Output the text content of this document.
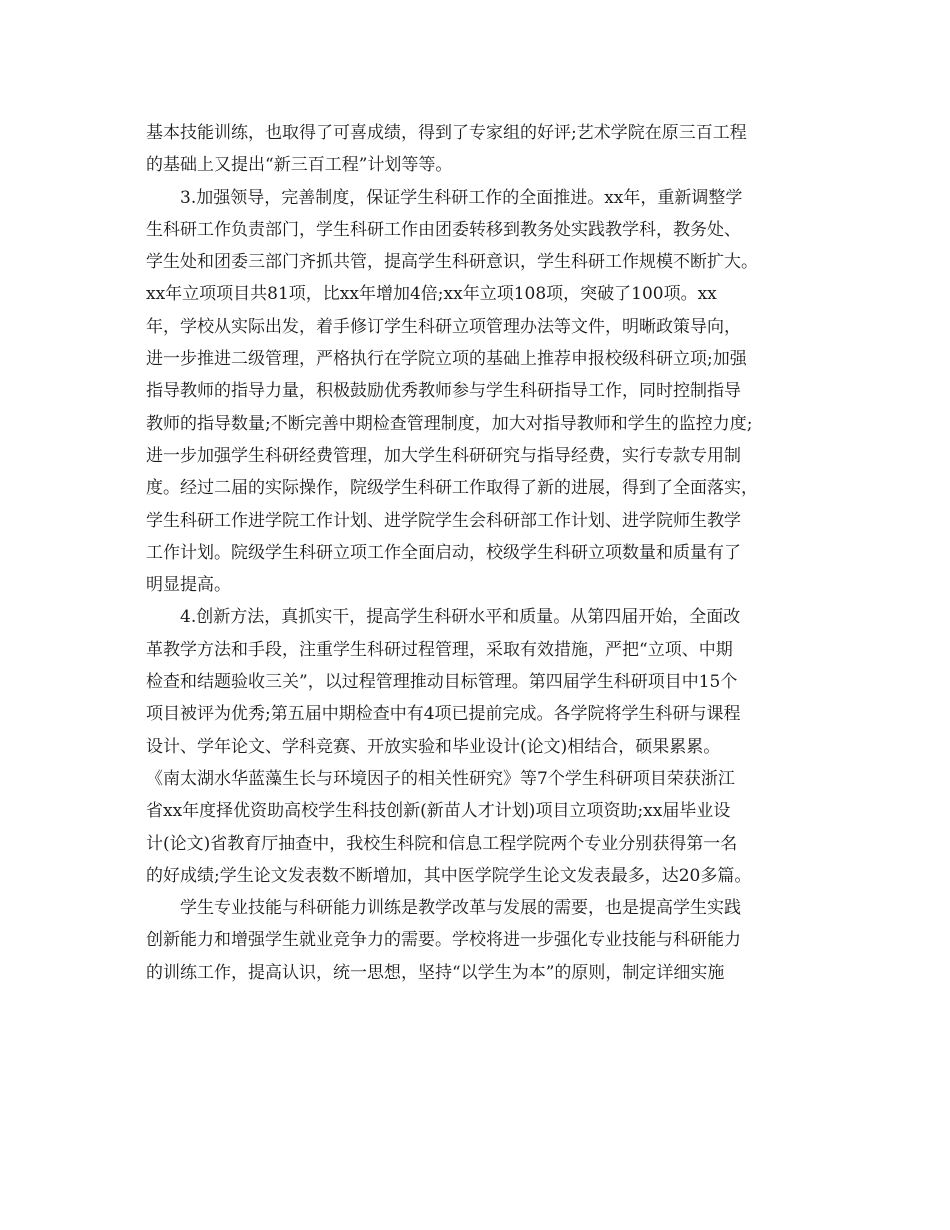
基本技能训练，也取得了可喜成绩，得到了专家组的好评;艺术学院在原三百工程
的基础上又提出“新三百工程”计划等等。
3.加强领导，完善制度，保证学生科研工作的全面推进。xx年，重新调整学
生科研工作负责部门，学生科研工作由团委转移到教务处实践教学科，教务处、
学生处和团委三部门齐抓共管，提高学生科研意识，学生科研工作规模不断扩大。
xx年立项项目共81项，比xx年增加4倍;xx年立项108项，突破了100项。xx
年，学校从实际出发，着手修订学生科研立项管理办法等文件，明晰政策导向，
进一步推进二级管理，严格执行在学院立项的基础上推荐申报校级科研立项;加强
指导教师的指导力量，积极鼓励优秀教师参与学生科研指导工作，同时控制指导
教师的指导数量;不断完善中期检查管理制度，加大对指导教师和学生的监控力度;
进一步加强学生科研经费管理，加大学生科研研究与指导经费，实行专款专用制
度。经过二届的实际操作，院级学生科研工作取得了新的进展，得到了全面落实，
学生科研工作进学院工作计划、进学院学生会科研部工作计划、进学院师生教学
工作计划。院级学生科研立项工作全面启动，校级学生科研立项数量和质量有了
明显提高。
4.创新方法，真抓实干，提高学生科研水平和质量。从第四届开始，全面改
革教学方法和手段，注重学生科研过程管理，采取有效措施，严把“立项、中期
检查和结题验收三关”，以过程管理推动目标管理。第四届学生科研项目中15个
项目被评为优秀;第五届中期检查中有4项已提前完成。各学院将学生科研与课程
设计、学年论文、学科竞赛、开放实验和毕业设计(论文)相结合，硕果累累。
《南太湖水华蓝藻生长与环境因子的相关性研究》等7个学生科研项目荣获浙江
省xx年度择优资助高校学生科技创新(新苗人才计划)项目立项资助;xx届毕业设
计(论文)省教育厅抽查中，我校生科院和信息工程学院两个专业分别获得第一名
的好成绩;学生论文发表数不断增加，其中医学院学生论文发表最多，达20多篇。
学生专业技能与科研能力训练是教学改革与发展的需要，也是提高学生实践
创新能力和增强学生就业竞争力的需要。学校将进一步强化专业技能与科研能力
的训练工作，提高认识，统一思想，坚持“以学生为本”的原则，制定详细实施
